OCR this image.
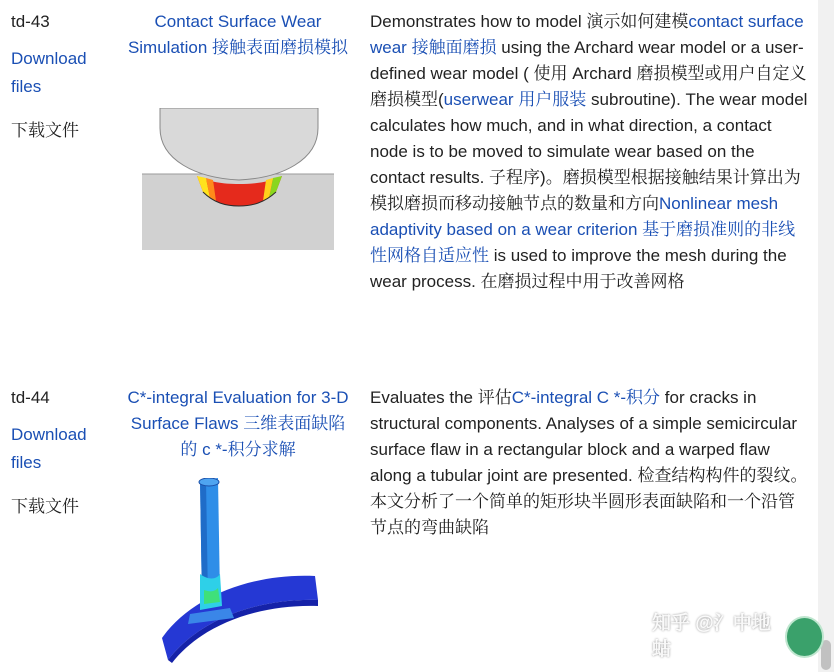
td-43
Download files
下载文件
Contact Surface Wear Simulation 接触表面磨损模拟
Demonstrates how to model 演示如何建模contact surface wear 接触面磨损 using the Archard wear model or a user-defined wear model ( 使用 Archard 磨损模型或用户自定义磨损模型(userwear 用户服装 subroutine). The wear model calculates how much, and in what direction, a contact node is to be moved to simulate wear based on the contact results. 子程序)。磨损模型根据接触结果计算出为模拟磨损而移动接触节点的数量和方向Nonlinear mesh adaptivity based on a wear criterion 基于磨损准则的非线性网格自适应性 is used to improve the mesh during the wear process. 在磨损过程中用于改善网格
td-44
Download files
下载文件
C*-integral Evaluation for 3-D Surface Flaws 三维表面缺陷的 c *-积分求解
Evaluates the 评估C*-integral C *-积分 for cracks in structural components. Analyses of a simple semicircular surface flaw in a rectangular block and a warped flaw along a tubular joint are presented. 检查结构构件的裂纹。本文分析了一个简单的矩形块半圆形表面缺陷和一个沿管节点的弯曲缺陷
知乎 @氵中地蛄
